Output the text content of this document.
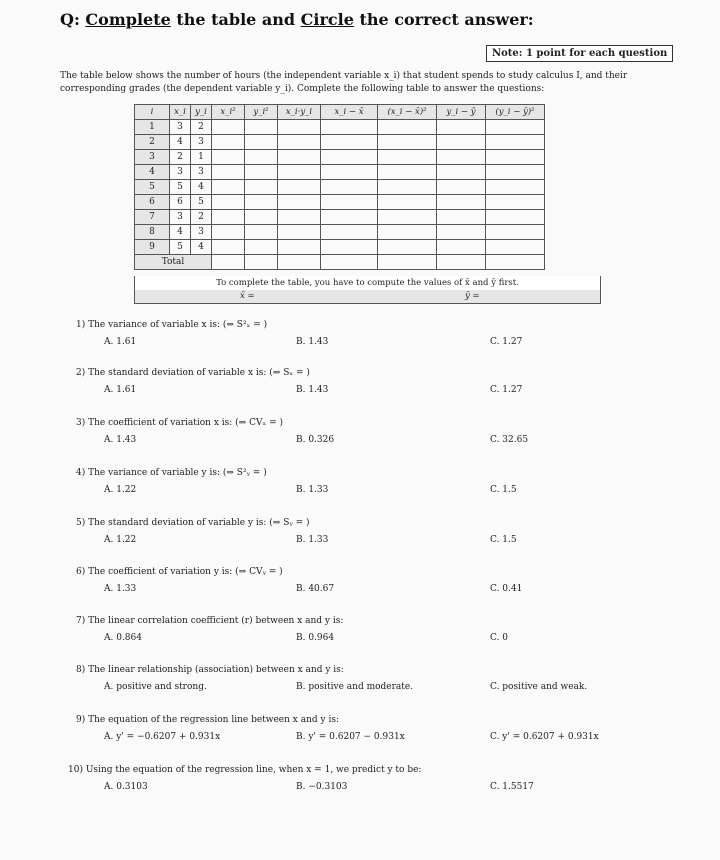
Q: Complete the table and Circle the correct answer:
Note: 1 point for each question
The table below shows the number of hours (the independent variable x_i) that student spends to study calculus I, and their corresponding grades (the dependent variable y_i). Complete the following table to answer the questions:
i	x_i	y_i	x_i²	y_i²	x_i·y_i	x_i − x̄	(x_i − x̄)²	y_i − ȳ	(y_i − ȳ)²
1	3	2							
2	4	3							
3	2	1							
4	3	3							
5	5	4							
6	6	5							
7	3	2							
8	4	3							
9	5	4							
Total									
To complete the table, you have to compute the values of x̄ and ȳ first.
x̄ =	ȳ =
1) The variance of variable x is: (⇒ S²ₓ = )
A. 1.61	B. 1.43	C. 1.27
2) The standard deviation of variable x is: (⇒ Sₓ = )
A. 1.61	B. 1.43	C. 1.27
3) The coefficient of variation x is: (⇒ CVₓ = )
A. 1.43	B. 0.326	C. 32.65
4) The variance of variable y is: (⇒ S²ᵧ = )
A. 1.22	B. 1.33	C. 1.5
5) The standard deviation of variable y is: (⇒ Sᵧ = )
A. 1.22	B. 1.33	C. 1.5
6) The coefficient of variation y is: (⇒ CVᵧ = )
A. 1.33	B. 40.67	C. 0.41
7) The linear correlation coefficient (r) between x and y is:
A. 0.864	B. 0.964	C. 0
8) The linear relationship (association) between x and y is:
A. positive and strong.	B. positive and moderate.	C. positive and weak.
9) The equation of the regression line between x and y is:
A. y' = −0.6207 + 0.931x	B. y' = 0.6207 − 0.931x	C. y' = 0.6207 + 0.931x
10) Using the equation of the regression line, when x = 1, we predict y to be:
A. 0.3103	B. −0.3103	C. 1.5517
